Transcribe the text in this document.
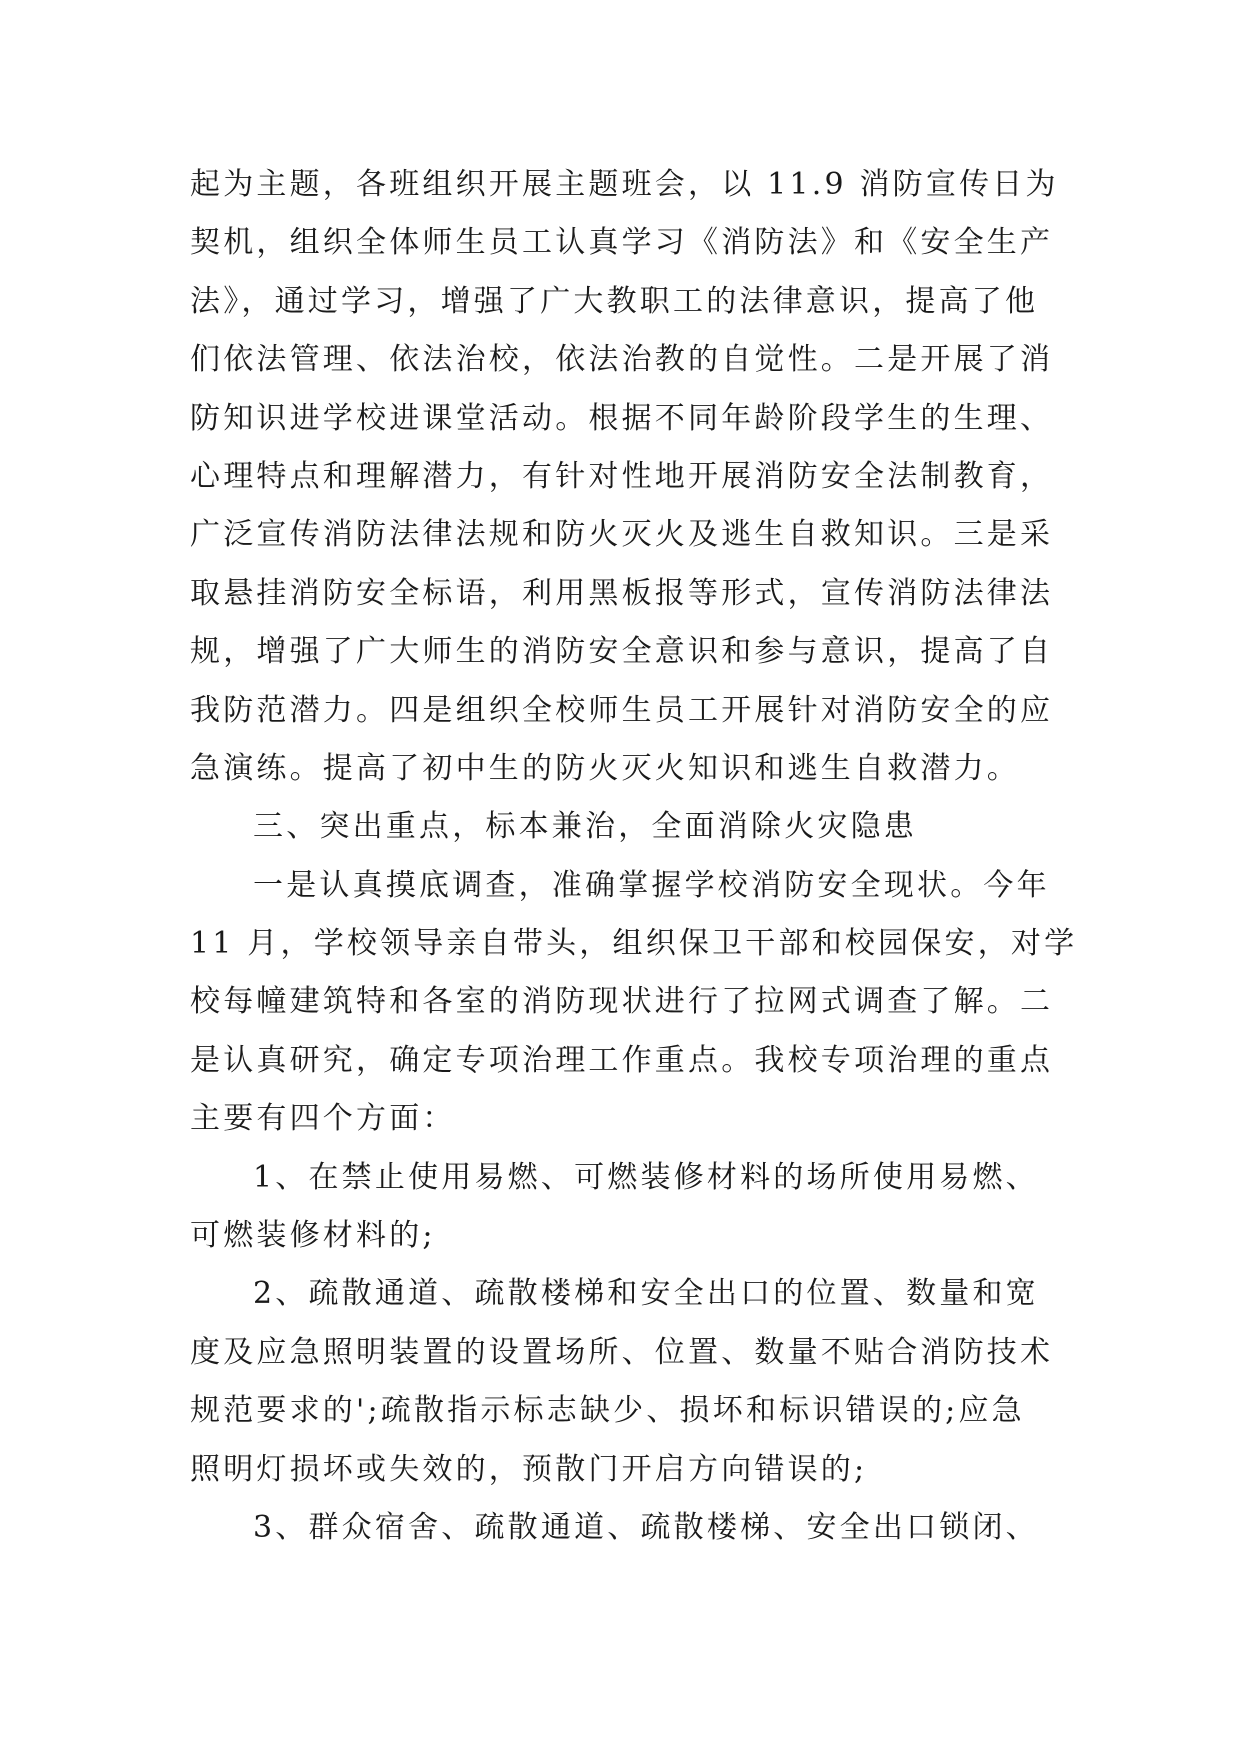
起为主题，各班组织开展主题班会，以 11.9 消防宣传日为
契机，组织全体师生员工认真学习《消防法》和《安全生产
法》，通过学习，增强了广大教职工的法律意识，提高了他
们依法管理、依法治校，依法治教的自觉性。二是开展了消
防知识进学校进课堂活动。根据不同年龄阶段学生的生理、
心理特点和理解潜力，有针对性地开展消防安全法制教育，
广泛宣传消防法律法规和防火灭火及逃生自救知识。三是采
取悬挂消防安全标语，利用黑板报等形式，宣传消防法律法
规，增强了广大师生的消防安全意识和参与意识，提高了自
我防范潜力。四是组织全校师生员工开展针对消防安全的应
急演练。提高了初中生的防火灭火知识和逃生自救潜力。
三、突出重点，标本兼治，全面消除火灾隐患
一是认真摸底调查，准确掌握学校消防安全现状。今年
11 月，学校领导亲自带头，组织保卫干部和校园保安，对学
校每幢建筑特和各室的消防现状进行了拉网式调查了解。二
是认真研究，确定专项治理工作重点。我校专项治理的重点
主要有四个方面：
1、在禁止使用易燃、可燃装修材料的场所使用易燃、
可燃装修材料的;
2、疏散通道、疏散楼梯和安全出口的位置、数量和宽
度及应急照明装置的设置场所、位置、数量不贴合消防技术
规范要求的';疏散指示标志缺少、损坏和标识错误的;应急
照明灯损坏或失效的，预散门开启方向错误的;
3、群众宿舍、疏散通道、疏散楼梯、安全出口锁闭、
